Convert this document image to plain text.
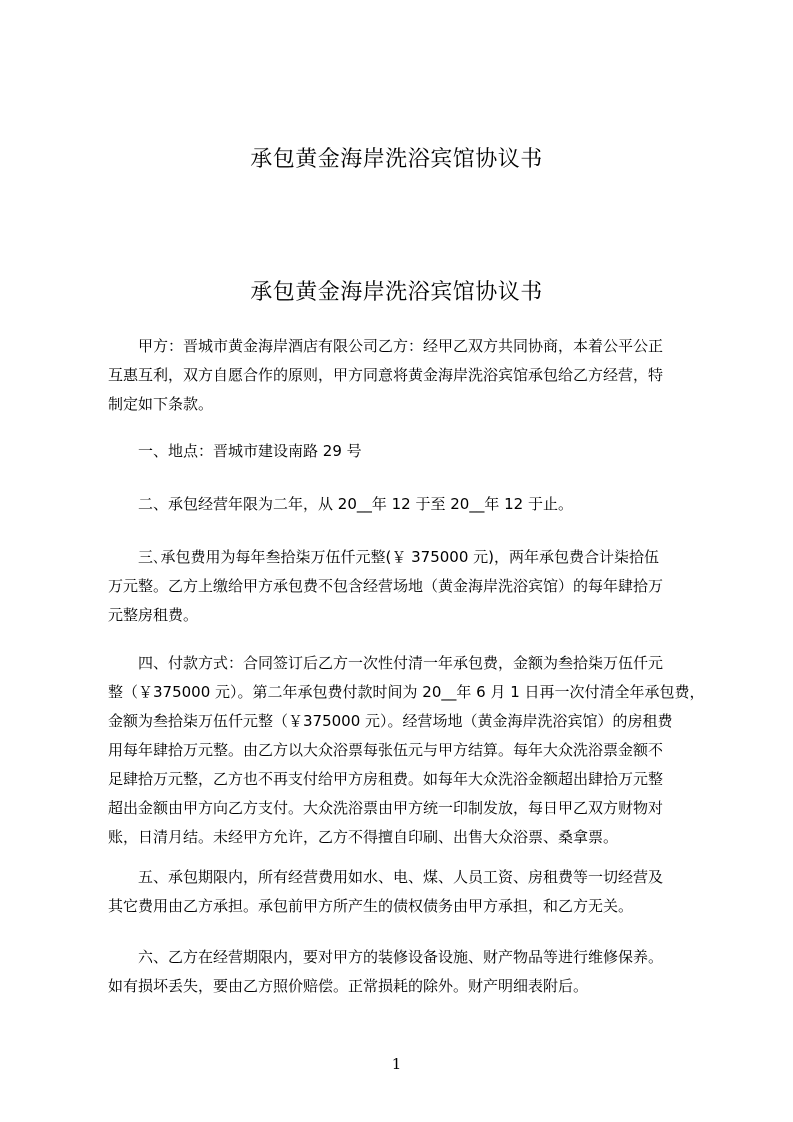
承包黄金海岸洗浴宾馆协议书
承包黄金海岸洗浴宾馆协议书
甲方：晋城市黄金海岸酒店有限公司乙方：经甲乙双方共同协商，本着公平公正
互惠互利，双方自愿合作的原则，甲方同意将黄金海岸洗浴宾馆承包给乙方经营，特
制定如下条款。
一、地点：晋城市建设南路 29 号
二、承包经营年限为二年，从 20__年 12 于至 20__年 12 于止。
三､承包费用为每年叁拾柒万伍仟元整(￥ 375000 元)，两年承包费合计柒拾伍
万元整。乙方上缴给甲方承包费不包含经营场地（黄金海岸洗浴宾馆）的每年肆拾万
元整房租费。
四、付款方式：合同签订后乙方一次性付清一年承包费，金额为叁拾柒万伍仟元
整（￥375000 元）。第二年承包费付款时间为 20__年 6 月 1 日再一次付清全年承包费，
金额为叁拾柒万伍仟元整（￥375000 元）。经营场地（黄金海岸洗浴宾馆）的房租费
用每年肆拾万元整。由乙方以大众浴票每张伍元与甲方结算。每年大众洗浴票金额不
足肆拾万元整，乙方也不再支付给甲方房租费。如每年大众洗浴金额超出肆拾万元整
超出金额由甲方向乙方支付。大众洗浴票由甲方统一印制发放，每日甲乙双方财物对
账，日清月结。未经甲方允许，乙方不得擅自印刷、出售大众浴票、桑拿票。
五、承包期限内，所有经营费用如水、电、煤、人员工资、房租费等一切经营及
其它费用由乙方承担。承包前甲方所产生的债权债务由甲方承担，和乙方无关。
六、乙方在经营期限内，要对甲方的装修设备设施、财产物品等进行维修保养。
如有损坏丢失，要由乙方照价赔偿。正常损耗的除外。财产明细表附后。
1
